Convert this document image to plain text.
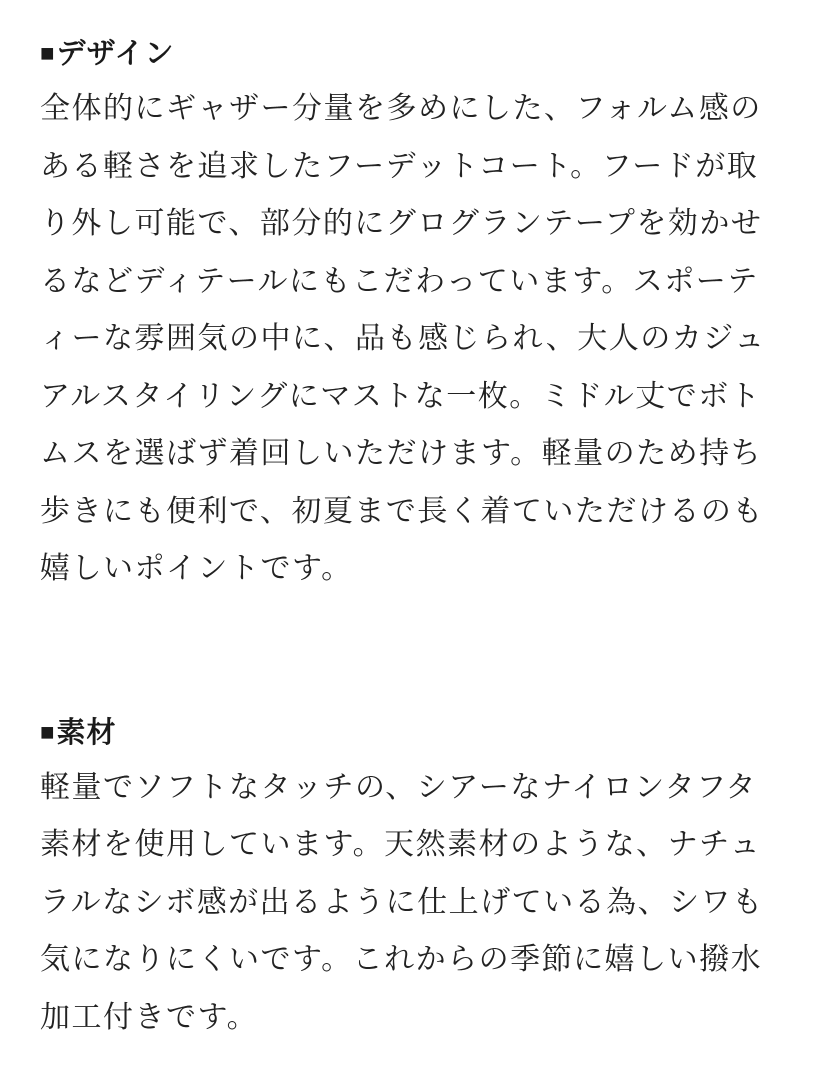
■ デザイン

全体的にギャザー分量を多めにした、フォルム感のある軽さを追求したフーデットコート。フードが取り外し可能で、部分的にグログランテープを効かせるなどディテールにもこだわっています。スポーティーな雰囲気の中に、品も感じられ、大人のカジュアルスタイリングにマストな一枚。ミドル丈でボトムスを選ばず着回しいただけます。軽量のため持ち歩きにも便利で、初夏まで長く着ていただけるのも嬉しいポイントです。

■ 素材

軽量でソフトなタッチの、シアーなナイロンタフタ素材を使用しています。天然素材のような、ナチュラルなシボ感が出るように仕上げている為、シワも気になりにくいです。これからの季節に嬉しい撥水加工付きです。
